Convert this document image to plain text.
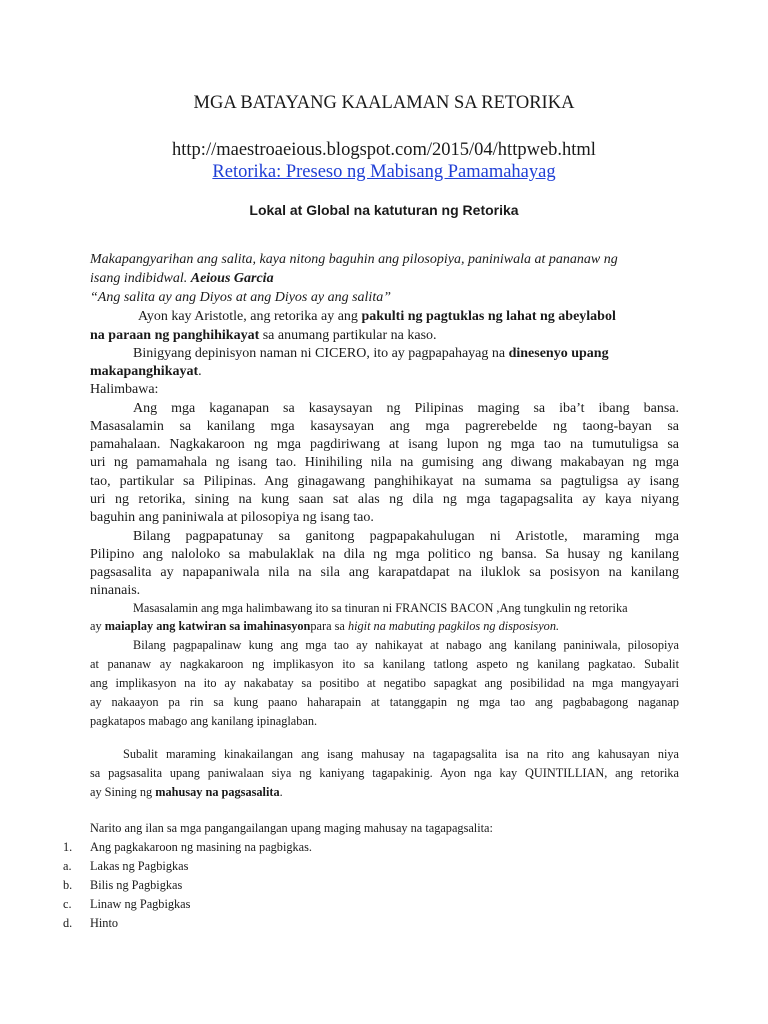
MGA BATAYANG KAALAMAN SA RETORIKA
http://maestroaeious.blogspot.com/2015/04/httpweb.html
Retorika: Preseso ng Mabisang Pamamahayag
Lokal at Global na katuturan ng Retorika
Makapangyarihan ang salita, kaya nitong baguhin ang pilosopiya, paniniwala at pananaw ng
isang indibidwal. Aeious Garcia
“Ang salita ay ang Diyos at ang Diyos ay ang salita”
Ayon kay Aristotle, ang retorika ay ang pakulti ng pagtuklas ng lahat ng abeylabol
na paraan ng panghihikayat sa anumang partikular na kaso.
Binigyang depinisyon naman ni CICERO, ito ay pagpapahayag na dinesenyo upang
makapanghikayat.
Halimbawa:
Ang mga kaganapan sa kasaysayan ng Pilipinas maging sa iba’t ibang bansa.
Masasalamin sa kanilang mga kasaysayan ang mga pagrerebelde ng taong-bayan sa
pamahalaan. Nagkakaroon ng mga pagdiriwang at isang lupon ng mga tao na tumutuligsa sa
uri ng pamamahala ng isang tao. Hinihiling nila na gumising ang diwang makabayan ng mga
tao, partikular sa Pilipinas. Ang ginagawang panghihikayat na sumama sa pagtuligsa ay isang
uri ng retorika, sining na kung saan sat alas ng dila ng mga tagapagsalita ay kaya niyang
baguhin ang paniniwala at pilosopiya ng isang tao.
Bilang pagpapatunay sa ganitong pagpapakahulugan ni Aristotle, maraming mga
Pilipino ang naloloko sa mabulaklak na dila ng mga politico ng bansa. Sa husay ng kanilang
pagsasalita ay napapaniwala nila na sila ang karapatdapat na iluklok sa posisyon na kanilang
ninanais.
Masasalamin ang mga halimbawang ito sa tinuran ni FRANCIS BACON ,Ang tungkulin ng retorika
ay maiaplay ang katwiran sa imahinasyonpara sa higit na mabuting pagkilos ng disposisyon.
Bilang pagpapalinaw kung ang mga tao ay nahikayat at nabago ang kanilang paniniwala, pilosopiya
at pananaw ay nagkakaroon ng implikasyon ito sa kanilang tatlong aspeto ng kanilang pagkatao. Subalit
ang implikasyon na ito ay nakabatay sa positibo at negatibo sapagkat ang posibilidad na mga mangyayari
ay nakaayon pa rin sa kung paano haharapain at tatanggapin ng mga tao ang pagbabagong naganap
pagkatapos mabago ang kanilang ipinaglaban.
Subalit maraming kinakailangan ang isang mahusay na tagapagsalita isa na rito ang kahusayan niya
sa pagsasalita upang paniwalaan siya ng kaniyang tagapakinig. Ayon nga kay QUINTILLIAN, ang retorika
ay Sining ng mahusay na pagsasalita.
Narito ang ilan sa mga pangangailangan upang maging mahusay na tagapagsalita:
1. Ang pagkakaroon ng masining na pagbigkas.
a. Lakas ng Pagbigkas
b. Bilis ng Pagbigkas
c. Linaw ng Pagbigkas
d. Hinto
